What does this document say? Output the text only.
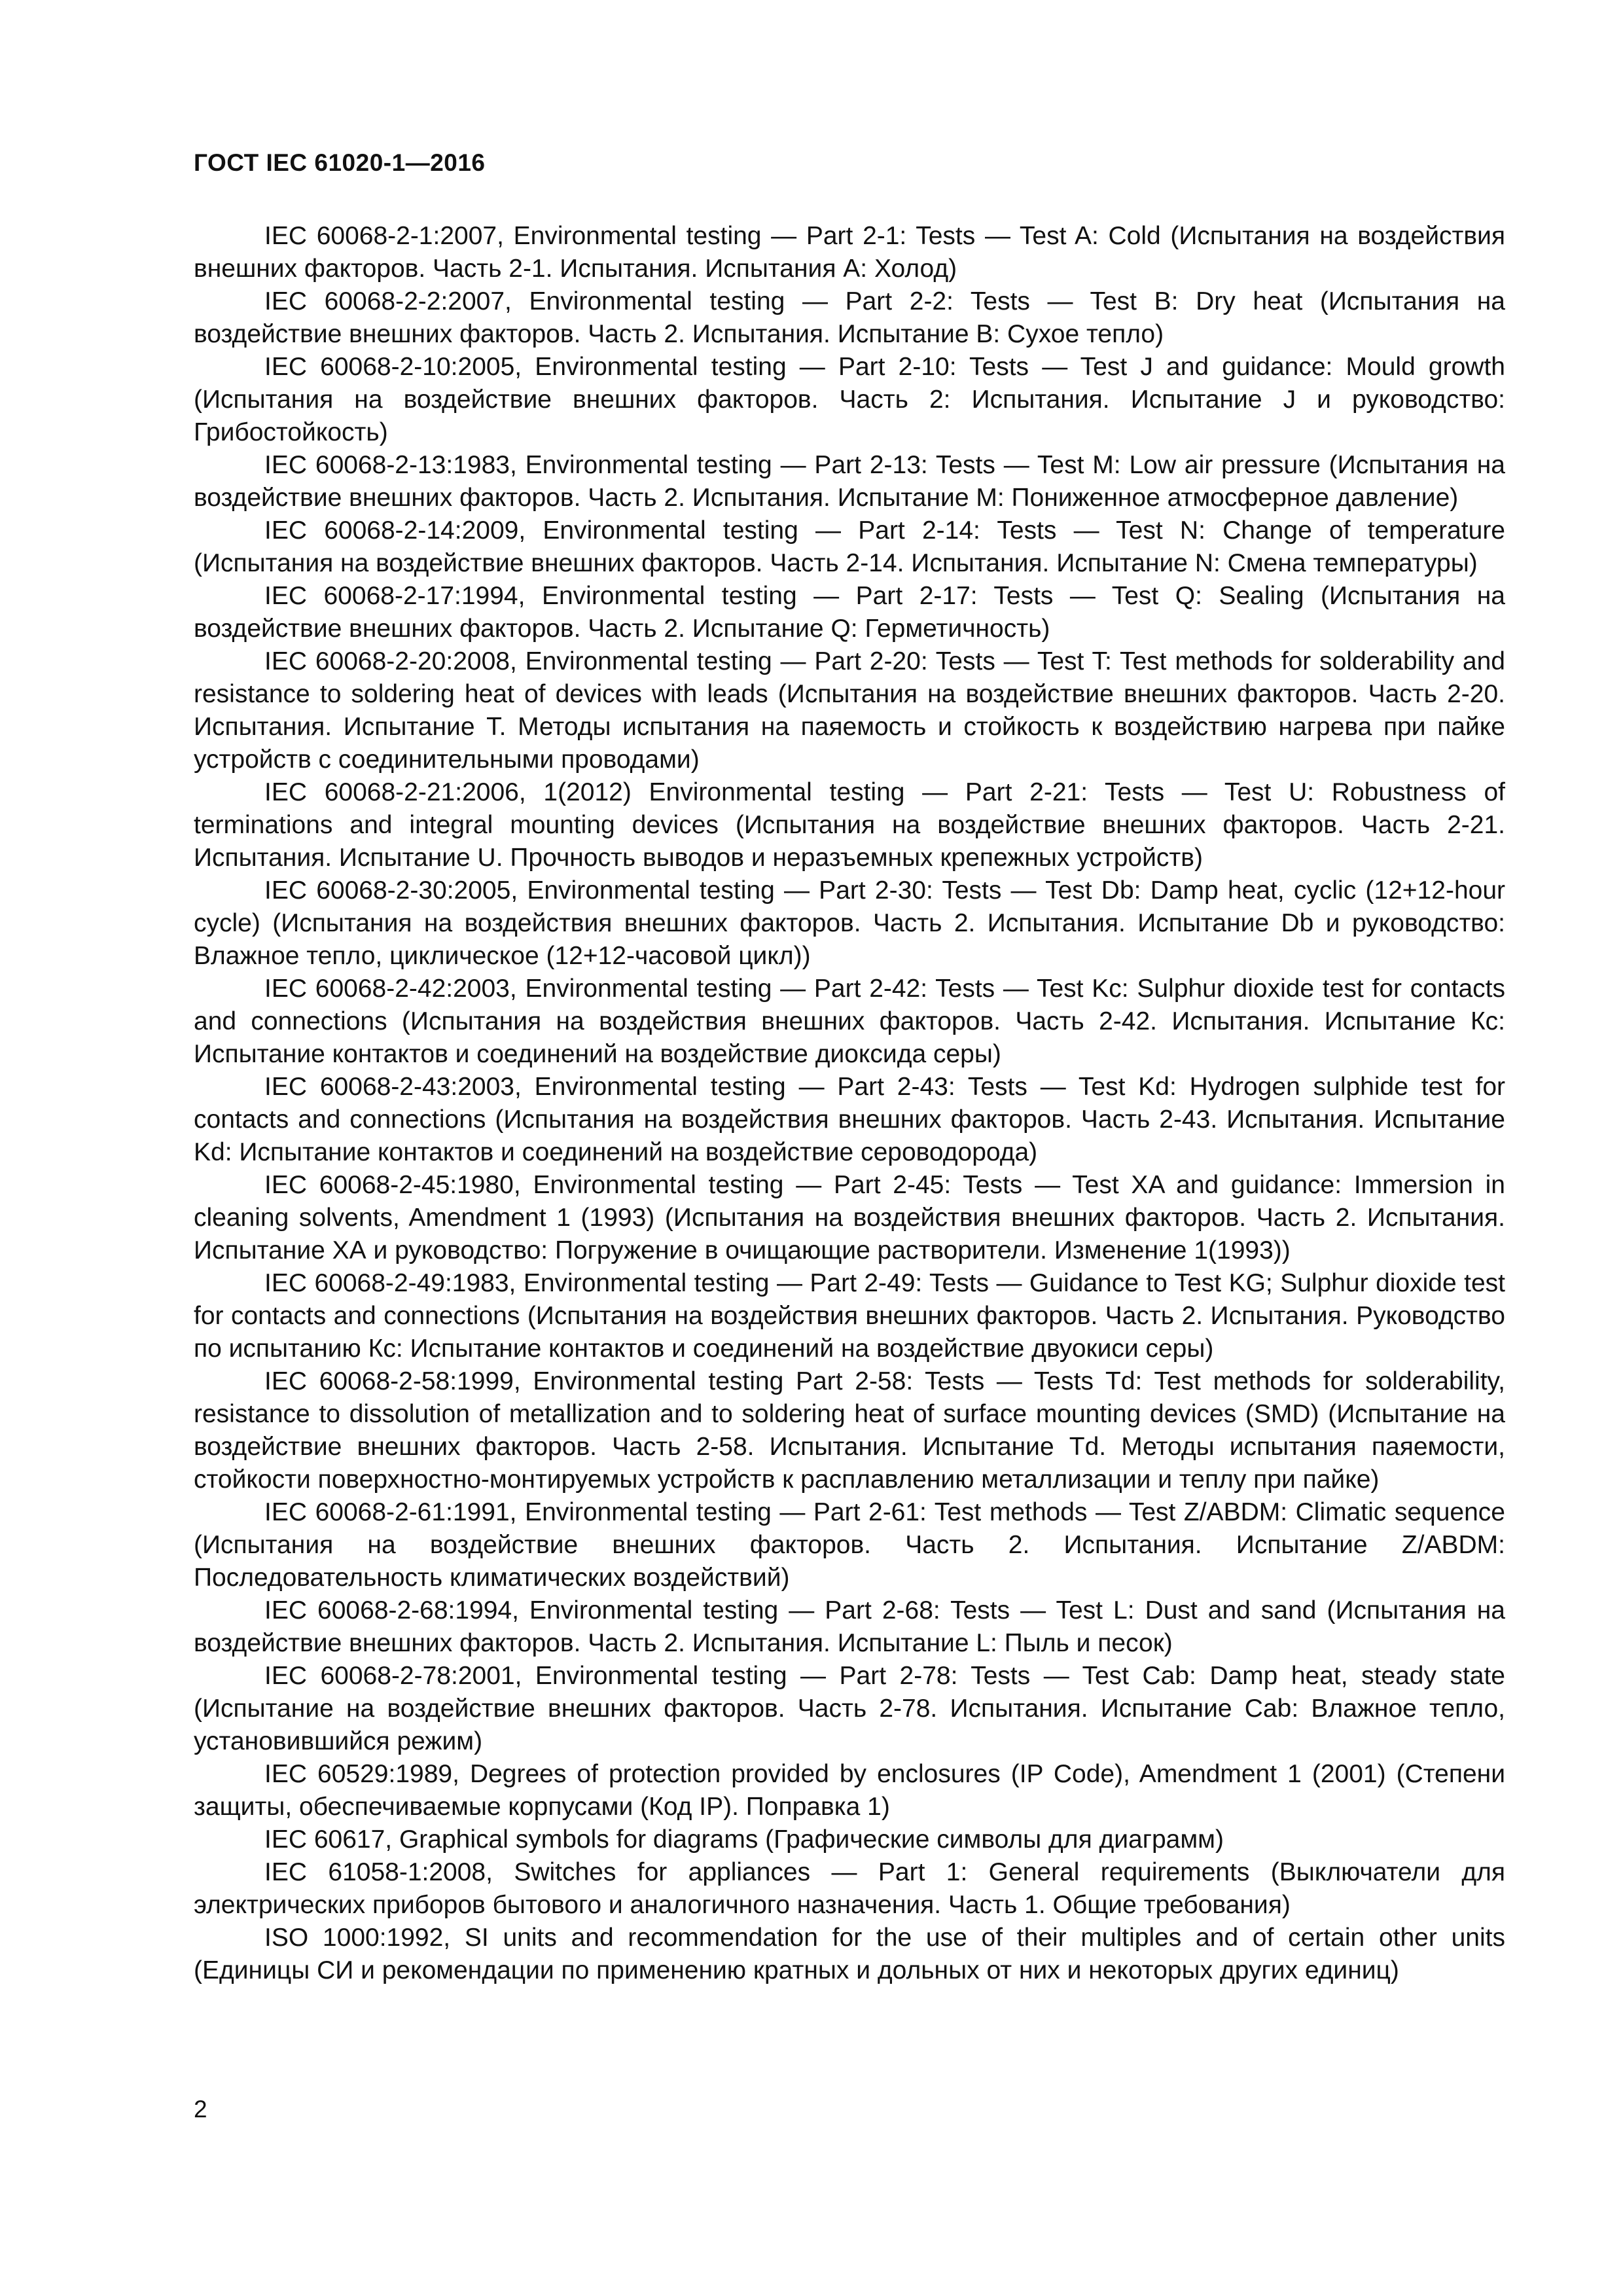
ГОСТ IEC 61020-1—2016

IEC 60068-2-1:2007, Environmental testing — Part 2-1: Tests — Test A: Cold (Испытания на воздействия внешних факторов. Часть 2-1. Испытания. Испытания А: Холод)

IEC 60068-2-2:2007, Environmental testing — Part 2-2: Tests — Test B: Dry heat (Испытания на воздействие внешних факторов. Часть 2. Испытания. Испытание В: Сухое тепло)

IEC 60068-2-10:2005, Environmental testing — Part 2-10: Tests — Test J and guidance: Mould growth (Испытания на воздействие внешних факторов. Часть 2: Испытания. Испытание J и руководство: Грибостойкость)

IEC 60068-2-13:1983, Environmental testing — Part 2-13: Tests — Test M: Low air pressure (Испытания на воздействие внешних факторов. Часть 2. Испытания. Испытание М: Пониженное атмосферное давление)

IEC 60068-2-14:2009, Environmental testing — Part 2-14: Tests — Test N: Change of temperature (Испытания на воздействие внешних факторов. Часть 2-14. Испытания. Испытание N: Смена температуры)

IEC 60068-2-17:1994, Environmental testing — Part 2-17: Tests — Test Q: Sealing (Испытания на воздействие внешних факторов. Часть 2. Испытание Q: Герметичность)

IEC 60068-2-20:2008, Environmental testing — Part 2-20: Tests — Test T: Test methods for solderability and resistance to soldering heat of devices with leads (Испытания на воздействие внешних факторов. Часть 2-20. Испытания. Испытание Т. Методы испытания на паяемость и стойкость к воздействию нагрева при пайке устройств с соединительными проводами)

IEC 60068-2-21:2006, 1(2012) Environmental testing — Part 2-21: Tests — Test U: Robustness of terminations and integral mounting devices (Испытания на воздействие внешних факторов. Часть 2-21. Испытания. Испытание U. Прочность выводов и неразъемных крепежных устройств)

IEC 60068-2-30:2005, Environmental testing — Part 2-30: Tests — Test Db: Damp heat, cyclic (12+12-hour cycle) (Испытания на воздействия внешних факторов. Часть 2. Испытания. Испытание Db и руководство: Влажное тепло, циклическое (12+12-часовой цикл))

IEC 60068-2-42:2003, Environmental testing — Part 2-42: Tests — Test Kc: Sulphur dioxide test for contacts and connections (Испытания на воздействия внешних факторов. Часть 2-42. Испытания. Испытание Кс: Испытание контактов и соединений на воздействие диоксида серы)

IEC 60068-2-43:2003, Environmental testing — Part 2-43: Tests — Test Kd: Hydrogen sulphide test for contacts and connections (Испытания на воздействия внешних факторов. Часть 2-43. Испытания. Испытание Kd: Испытание контактов и соединений на воздействие сероводорода)

IEC 60068-2-45:1980, Environmental testing — Part 2-45: Tests — Test XA and guidance: Immersion in cleaning solvents, Amendment 1 (1993) (Испытания на воздействия внешних факторов. Часть 2. Испытания. Испытание ХА и руководство: Погружение в очищающие растворители. Изменение 1(1993))

IEC 60068-2-49:1983, Environmental testing — Part 2-49: Tests — Guidance to Test KG; Sulphur dioxide test for contacts and connections (Испытания на воздействия внешних факторов. Часть 2. Испытания. Руководство по испытанию Кс: Испытание контактов и соединений на воздействие двуокиси серы)

IEC 60068-2-58:1999, Environmental testing Part 2-58: Tests — Tests Td: Test methods for solderability, resistance to dissolution of metallization and to soldering heat of surface mounting devices (SMD) (Испытание на воздействие внешних факторов. Часть 2-58. Испытания. Испытание Td. Методы испытания паяемости, стойкости поверхностно-монтируемых устройств к расплавлению металлизации и теплу при пайке)

IEC 60068-2-61:1991, Environmental testing — Part 2-61: Test methods — Test Z/ABDM: Climatic sequence (Испытания на воздействие внешних факторов. Часть 2. Испытания. Испытание Z/ABDM: Последовательность климатических воздействий)

IEC 60068-2-68:1994, Environmental testing — Part 2-68: Tests — Test L: Dust and sand (Испытания на воздействие внешних факторов. Часть 2. Испытания. Испытание L: Пыль и песок)

IEC 60068-2-78:2001, Environmental testing — Part 2-78: Tests — Test Cab: Damp heat, steady state (Испытание на воздействие внешних факторов. Часть 2-78. Испытания. Испытание Cab: Влажное тепло, установившийся режим)

IEC 60529:1989, Degrees of protection provided by enclosures (IP Code), Amendment 1 (2001) (Степени защиты, обеспечиваемые корпусами (Код IP). Поправка 1)

IEC 60617, Graphical symbols for diagrams (Графические символы для диаграмм)

IEC 61058-1:2008, Switches for appliances — Part 1: General requirements (Выключатели для электрических приборов бытового и аналогичного назначения. Часть 1. Общие требования)

ISO 1000:1992, SI units and recommendation for the use of their multiples and of certain other units (Единицы СИ и рекомендации по применению кратных и дольных от них и некоторых других единиц)

2
